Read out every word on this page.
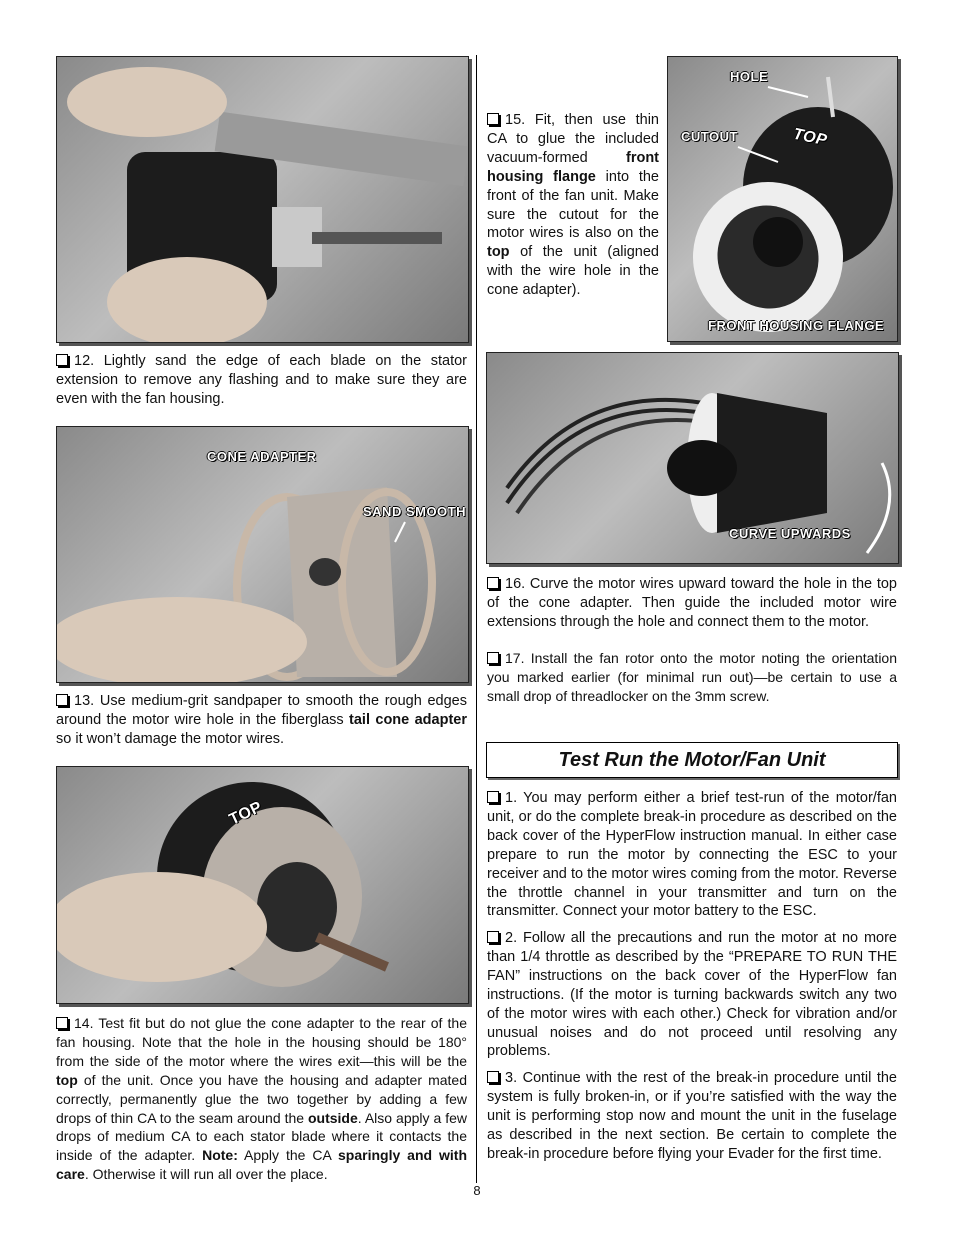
12. Lightly sand the edge of each blade on the stator extension to remove any flashing and to make sure they are even with the fan housing.

CONE ADAPTER
SAND SMOOTH

13. Use medium-grit sandpaper to smooth the rough edges around the motor wire hole in the fiberglass tail cone adapter so it won’t damage the motor wires.

TOP

14. Test fit but do not glue the cone adapter to the rear of the fan housing. Note that the hole in the housing should be 180° from the side of the motor where the wires exit—this will be the top of the unit. Once you have the housing and adapter mated correctly, permanently glue the two together by adding a few drops of thin CA to the seam around the outside. Also apply a few drops of medium CA to each stator blade where it contacts the inside of the adapter. Note: Apply the CA sparingly and with care. Otherwise it will run all over the place.

15. Fit, then use thin CA to glue the included vacuum-formed front housing flange into the front of the fan unit. Make sure the cutout for the motor wires is also on the top of the unit (aligned with the wire hole in the cone adapter).

HOLE
CUTOUT	TOP
FRONT HOUSING FLANGE
CURVE UPWARDS

16. Curve the motor wires upward toward the hole in the top of the cone adapter. Then guide the included motor wire extensions through the hole and connect them to the motor.

17. Install the fan rotor onto the motor noting the orientation you marked earlier (for minimal run out)—be certain to use a small drop of threadlocker on the 3mm screw.

Test Run the Motor/Fan Unit

1. You may perform either a brief test-run of the motor/fan unit, or do the complete break-in procedure as described on the back cover of the HyperFlow instruction manual. In either case prepare to run the motor by connecting the ESC to your receiver and to the motor wires coming from the motor. Reverse the throttle channel in your transmitter and turn on the transmitter. Connect your motor battery to the ESC.

2. Follow all the precautions and run the motor at no more than 1/4 throttle as described by the “PREPARE TO RUN THE FAN” instructions on the back cover of the HyperFlow fan instructions. (If the motor is turning backwards switch any two of the motor wires with each other.) Check for vibration and/or unusual noises and do not proceed until resolving any problems.

3. Continue with the rest of the break-in procedure until the system is fully broken-in, or if you’re satisfied with the way the unit is performing stop now and mount the unit in the fuselage as described in the next section. Be certain to complete the break-in procedure before flying your Evader for the first time.

8
